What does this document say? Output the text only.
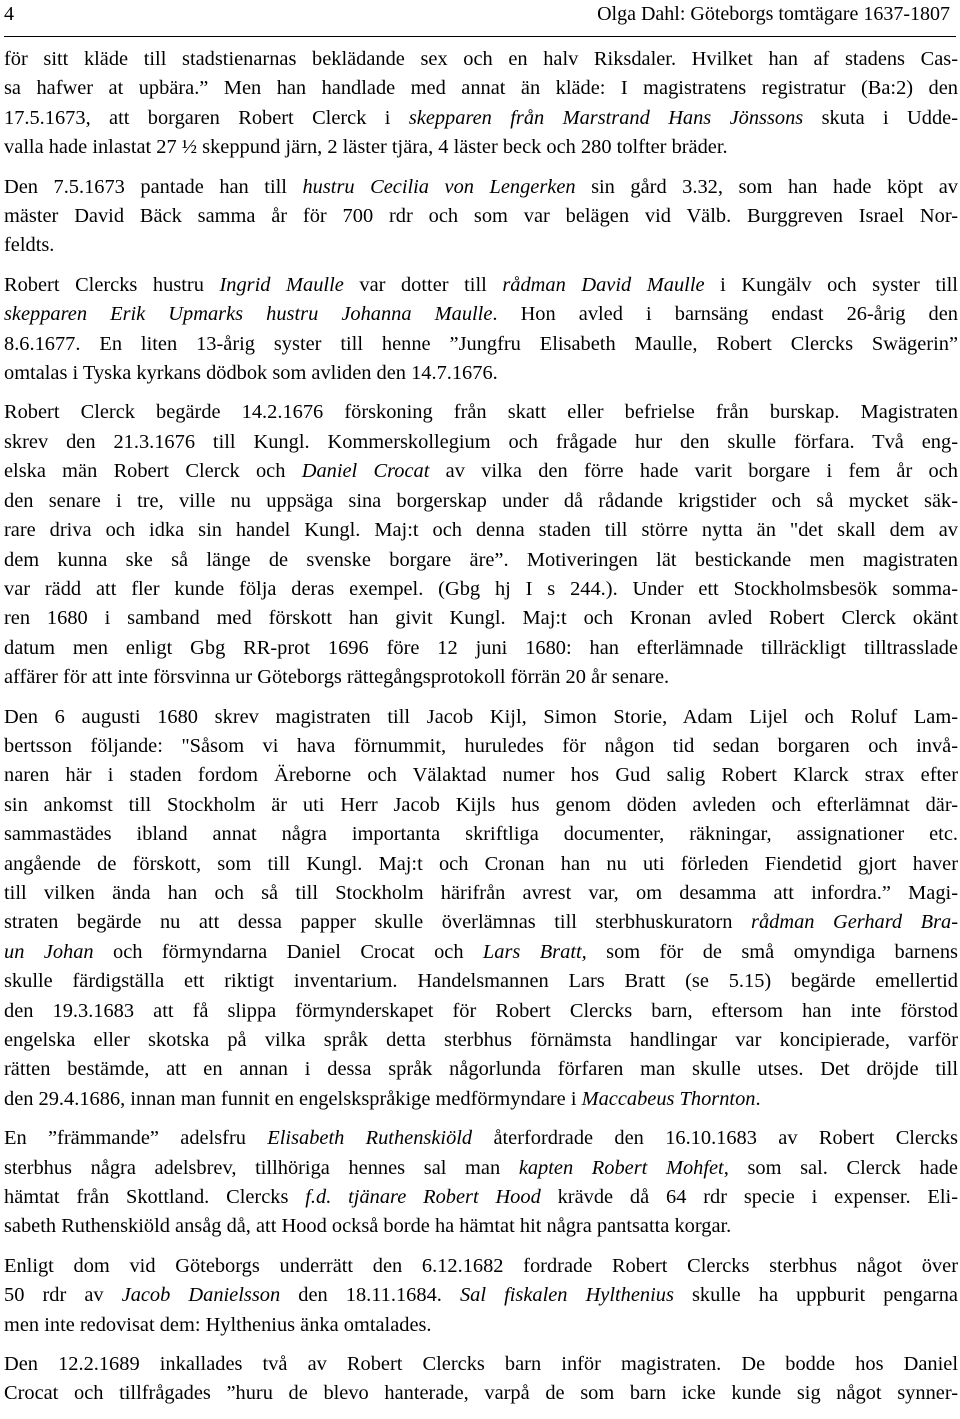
4	Olga Dahl: Göteborgs tomtägare 1637-1807

för sitt kläde till stadstienarnas beklädande sex och en halv Riksdaler. Hvilket han af stadens Cas-
sa hafwer at upbära.” Men han handlade med annat än kläde: I magistratens registratur (Ba:2) den
17.5.1673, att borgaren Robert Clerck i skepparen från Marstrand Hans Jönssons skuta i Udde-
valla hade inlastat 27 ½ skeppund järn, 2 läster tjära, 4 läster beck och 280 tolfter bräder.

Den 7.5.1673 pantade han till hustru Cecilia von Lengerken sin gård 3.32, som han hade köpt av
mäster David Bäck samma år för 700 rdr och som var belägen vid Välb. Burggreven Israel Nor-
feldts.

Robert Clercks hustru Ingrid Maulle var dotter till rådman David Maulle i Kungälv och syster till
skepparen Erik Upmarks hustru Johanna Maulle. Hon avled i barnsäng endast 26-årig den
8.6.1677. En liten 13-årig syster till henne ”Jungfru Elisabeth Maulle, Robert Clercks Swägerin”
omtalas i Tyska kyrkans dödbok som avliden den 14.7.1676.

Robert Clerck begärde 14.2.1676 förskoning från skatt eller befrielse från burskap. Magistraten
skrev den 21.3.1676 till Kungl. Kommerskollegium och frågade hur den skulle förfara. Två eng-
elska män Robert Clerck och Daniel Crocat av vilka den förre hade varit borgare i fem år och
den senare i tre, ville nu uppsäga sina borgerskap under då rådande krigstider och så mycket säk-
rare driva och idka sin handel Kungl. Maj:t och denna staden till större nytta än "det skall dem av
dem kunna ske så länge de svenske borgare äre”. Motiveringen lät bestickande men magistraten
var rädd att fler kunde följa deras exempel. (Gbg hj I s 244.). Under ett Stockholmsbesök somma-
ren 1680 i samband med förskott han givit Kungl. Maj:t och Kronan avled Robert Clerck okänt
datum men enligt Gbg RR-prot 1696 före 12 juni 1680: han efterlämnade tillräckligt tilltrasslade
affärer för att inte försvinna ur Göteborgs rättegångsprotokoll förrän 20 år senare.

Den 6 augusti 1680 skrev magistraten till Jacob Kijl, Simon Storie, Adam Lijel och Roluf Lam-
bertsson följande: "Såsom vi hava förnummit, huruledes för någon tid sedan borgaren och invå-
naren här i staden fordom Äreborne och Välaktad numer hos Gud salig Robert Klarck strax efter
sin ankomst till Stockholm är uti Herr Jacob Kijls hus genom döden avleden och efterlämnat där-
sammastädes ibland annat några importanta skriftliga documenter, räkningar, assignationer etc.
angående de förskott, som till Kungl. Maj:t och Cronan han nu uti förleden Fiendetid gjort haver
till vilken ända han och så till Stockholm härifrån avrest var, om desamma att infordra.” Magi-
straten begärde nu att dessa papper skulle överlämnas till sterbhuskuratorn rådman Gerhard Bra-
un Johan och förmyndarna Daniel Crocat och Lars Bratt, som för de små omyndiga barnens
skulle färdigställa ett riktigt inventarium. Handelsmannen Lars Bratt (se 5.15) begärde emellertid
den 19.3.1683 att få slippa förmynderskapet för Robert Clercks barn, eftersom han inte förstod
engelska eller skotska på vilka språk detta sterbhus förnämsta handlingar var koncipierade, varför
rätten bestämde, att en annan i dessa språk någorlunda förfaren man skulle utses. Det dröjde till
den 29.4.1686, innan man funnit en engelskspråkige medförmyndare i Maccabeus Thornton.

En ”främmande” adelsfru Elisabeth Ruthenskiöld återfordrade den 16.10.1683 av Robert Clercks
sterbhus några adelsbrev, tillhöriga hennes sal man kapten Robert Mohfet, som sal. Clerck hade
hämtat från Skottland. Clercks f.d. tjänare Robert Hood krävde då 64 rdr specie i expenser. Eli-
sabeth Ruthenskiöld ansåg då, att Hood också borde ha hämtat hit några pantsatta korgar.

Enligt dom vid Göteborgs underrätt den 6.12.1682 fordrade Robert Clercks sterbhus något över
50 rdr av Jacob Danielsson den 18.11.1684. Sal fiskalen Hylthenius skulle ha uppburit pengarna
men inte redovisat dem: Hylthenius änka omtalades.

Den 12.2.1689 inkallades två av Robert Clercks barn inför magistraten. De bodde hos Daniel
Crocat och tillfrågades ”huru de blevo hanterade, varpå de som barn icke kunde sig något synner-
